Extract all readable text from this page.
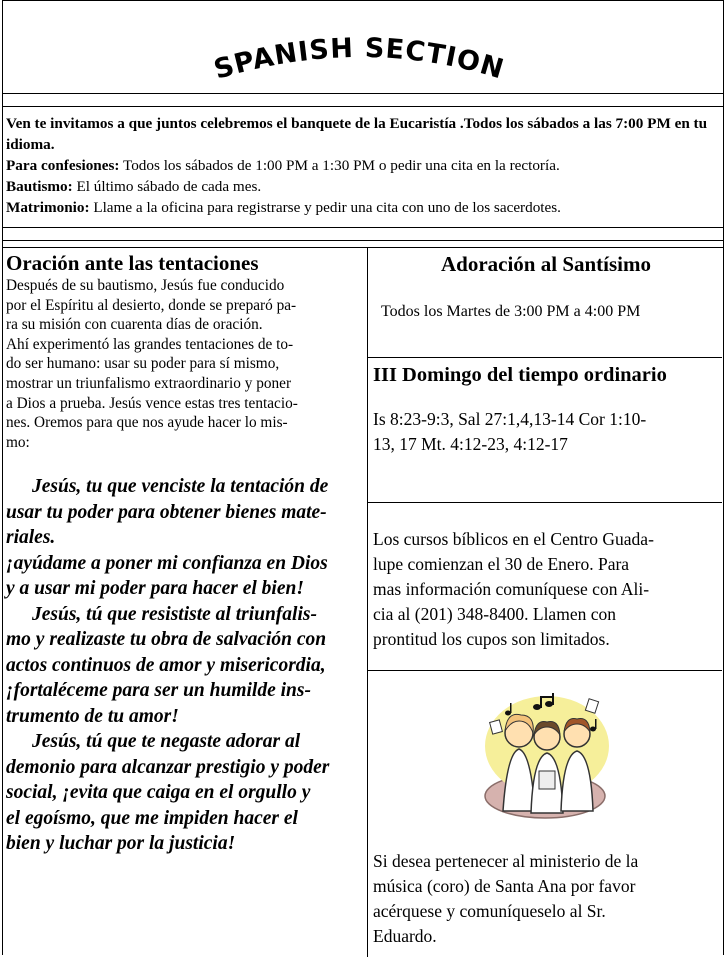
SPANISH SECTION
Ven te invitamos a que juntos celebremos el banquete de la Eucaristía .Todos los sábados a las 7:00 PM en tu idioma.
Para confesiones: Todos los sábados de 1:00 PM a 1:30 PM o pedir una cita en la rectoría.
Bautismo: El último sábado de cada mes.
Matrimonio: Llame a la oficina para registrarse y pedir una cita con uno de los sacerdotes.
Oración ante las tentaciones
Después de su bautismo, Jesús fue conducido
por el Espíritu al desierto, donde se preparó pa-
ra su misión con cuarenta días de oración.
Ahí experimentó las grandes tentaciones de to-
do ser humano: usar su poder para sí mismo,
mostrar un triunfalismo extraordinario y poner
a Dios a prueba. Jesús vence estas tres tentacio-
nes. Oremos para que nos ayude hacer lo mis-
mo:
Jesús, tu que venciste la tentación de
usar tu poder para obtener bienes mate-
riales.
¡ayúdame a poner mi confianza en Dios
y a usar mi poder para hacer el bien!
Jesús, tú que resististe al triunfalis-
mo y realizaste tu obra de salvación con
actos continuos de amor y misericordia,
¡fortaléceme para ser un humilde ins-
trumento de tu amor!
Jesús, tú que te negaste adorar al
demonio para alcanzar prestigio y poder
social, ¡evita que caiga en el orgullo y
el egoísmo, que me impiden hacer el
bien y luchar por la justicia!
Adoración al Santísimo

Todos los Martes de 3:00 PM a 4:00 PM

III Domingo del tiempo ordinario
Is 8:23-9:3, Sal 27:1,4,13-14 Cor 1:10-
13, 17 Mt. 4:12-23, 4:12-17
Los cursos bíblicos en el Centro Guada-
lupe comienzan el 30 de Enero. Para
mas información comuníquese con Ali-
cia al (201) 348-8400. Llamen con
prontitud los cupos son limitados.
Si desea pertenecer al ministerio de la
música (coro) de Santa Ana por favor
acérquese y comuníqueselo al Sr.
Eduardo.
